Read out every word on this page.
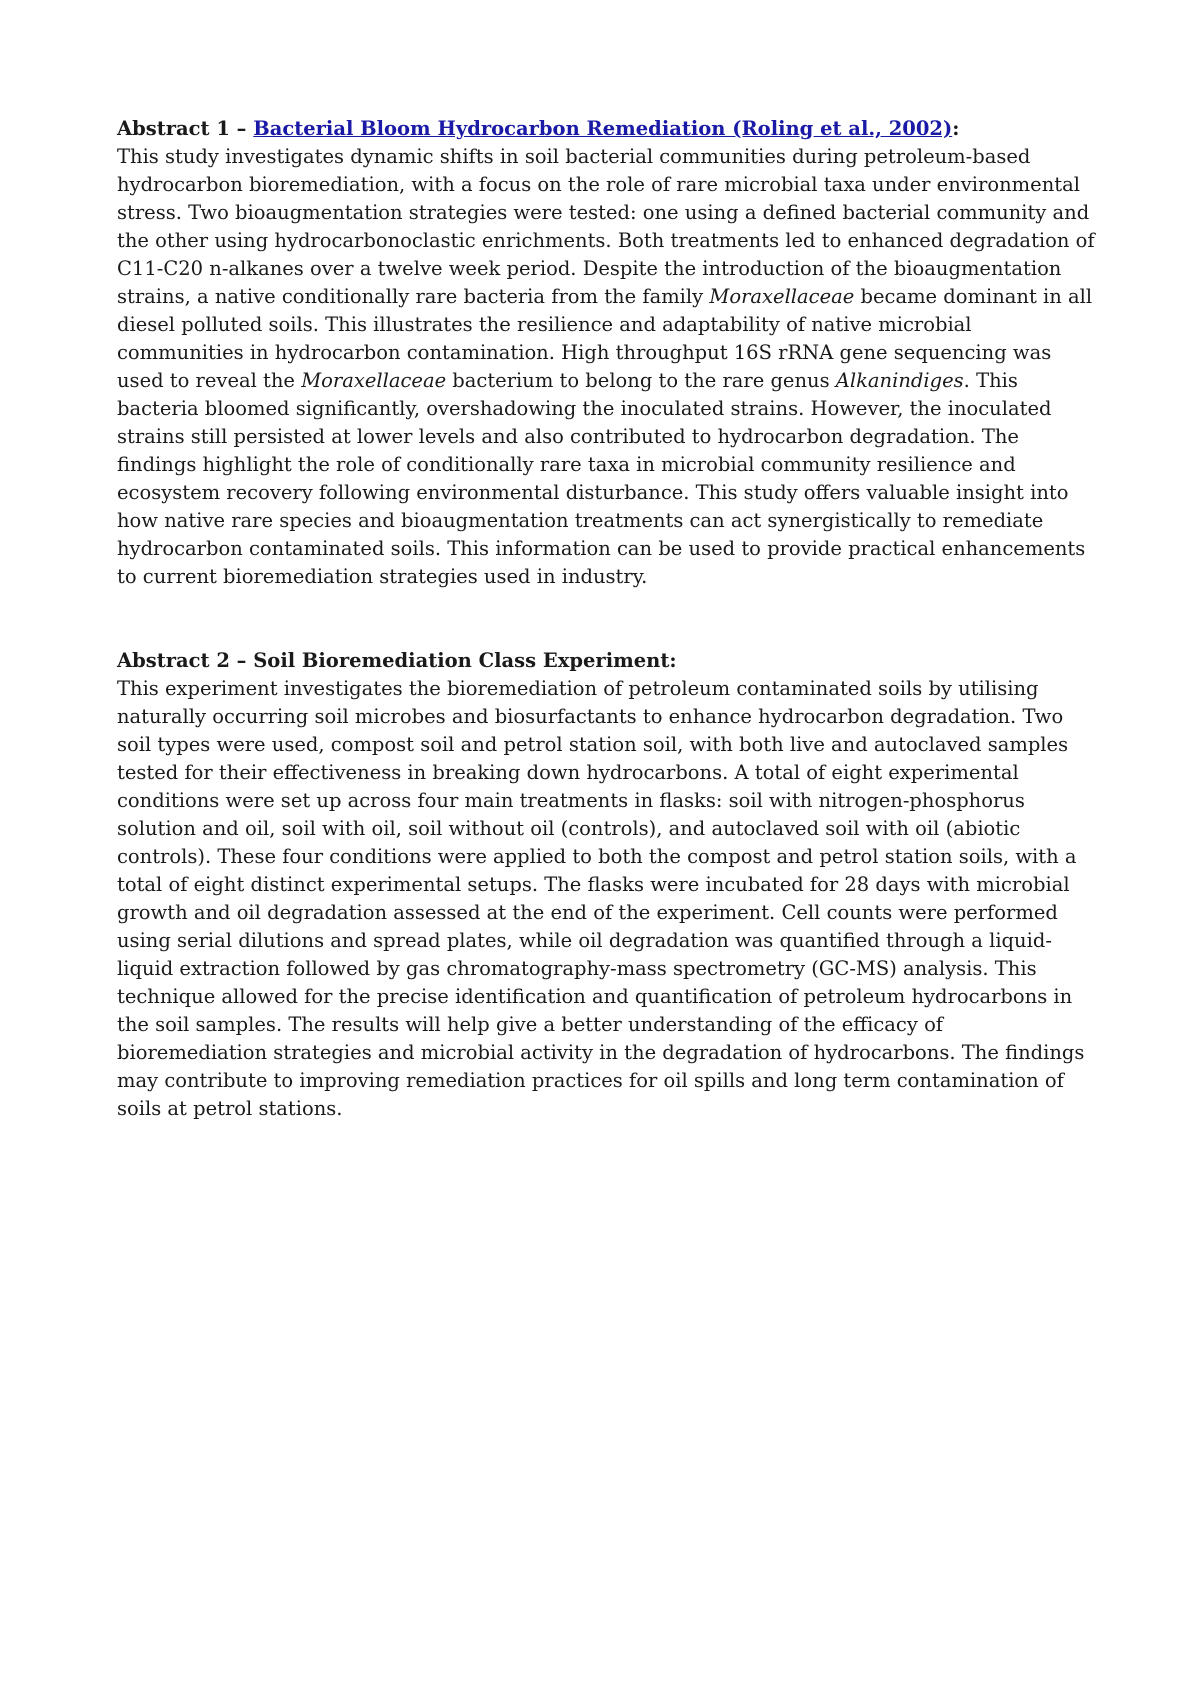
Abstract 1 – Bacterial Bloom Hydrocarbon Remediation (Roling et al., 2002):
This study investigates dynamic shifts in soil bacterial communities during petroleum-based hydrocarbon bioremediation, with a focus on the role of rare microbial taxa under environmental stress. Two bioaugmentation strategies were tested: one using a defined bacterial community and the other using hydrocarbonoclastic enrichments. Both treatments led to enhanced degradation of C11-C20 n-alkanes over a twelve week period. Despite the introduction of the bioaugmentation strains, a native conditionally rare bacteria from the family Moraxellaceae became dominant in all diesel polluted soils. This illustrates the resilience and adaptability of native microbial communities in hydrocarbon contamination. High throughput 16S rRNA gene sequencing was used to reveal the Moraxellaceae bacterium to belong to the rare genus Alkanindiges. This bacteria bloomed significantly, overshadowing the inoculated strains. However, the inoculated strains still persisted at lower levels and also contributed to hydrocarbon degradation. The findings highlight the role of conditionally rare taxa in microbial community resilience and ecosystem recovery following environmental disturbance. This study offers valuable insight into how native rare species and bioaugmentation treatments can act synergistically to remediate hydrocarbon contaminated soils. This information can be used to provide practical enhancements to current bioremediation strategies used in industry.
Abstract 2 – Soil Bioremediation Class Experiment:
This experiment investigates the bioremediation of petroleum contaminated soils by utilising naturally occurring soil microbes and biosurfactants to enhance hydrocarbon degradation. Two soil types were used, compost soil and petrol station soil, with both live and autoclaved samples tested for their effectiveness in breaking down hydrocarbons. A total of eight experimental conditions were set up across four main treatments in flasks: soil with nitrogen-phosphorus solution and oil, soil with oil, soil without oil (controls), and autoclaved soil with oil (abiotic controls). These four conditions were applied to both the compost and petrol station soils, with a total of eight distinct experimental setups. The flasks were incubated for 28 days with microbial growth and oil degradation assessed at the end of the experiment. Cell counts were performed using serial dilutions and spread plates, while oil degradation was quantified through a liquid-liquid extraction followed by gas chromatography-mass spectrometry (GC-MS) analysis. This technique allowed for the precise identification and quantification of petroleum hydrocarbons in the soil samples. The results will help give a better understanding of the efficacy of bioremediation strategies and microbial activity in the degradation of hydrocarbons. The findings may contribute to improving remediation practices for oil spills and long term contamination of soils at petrol stations.
